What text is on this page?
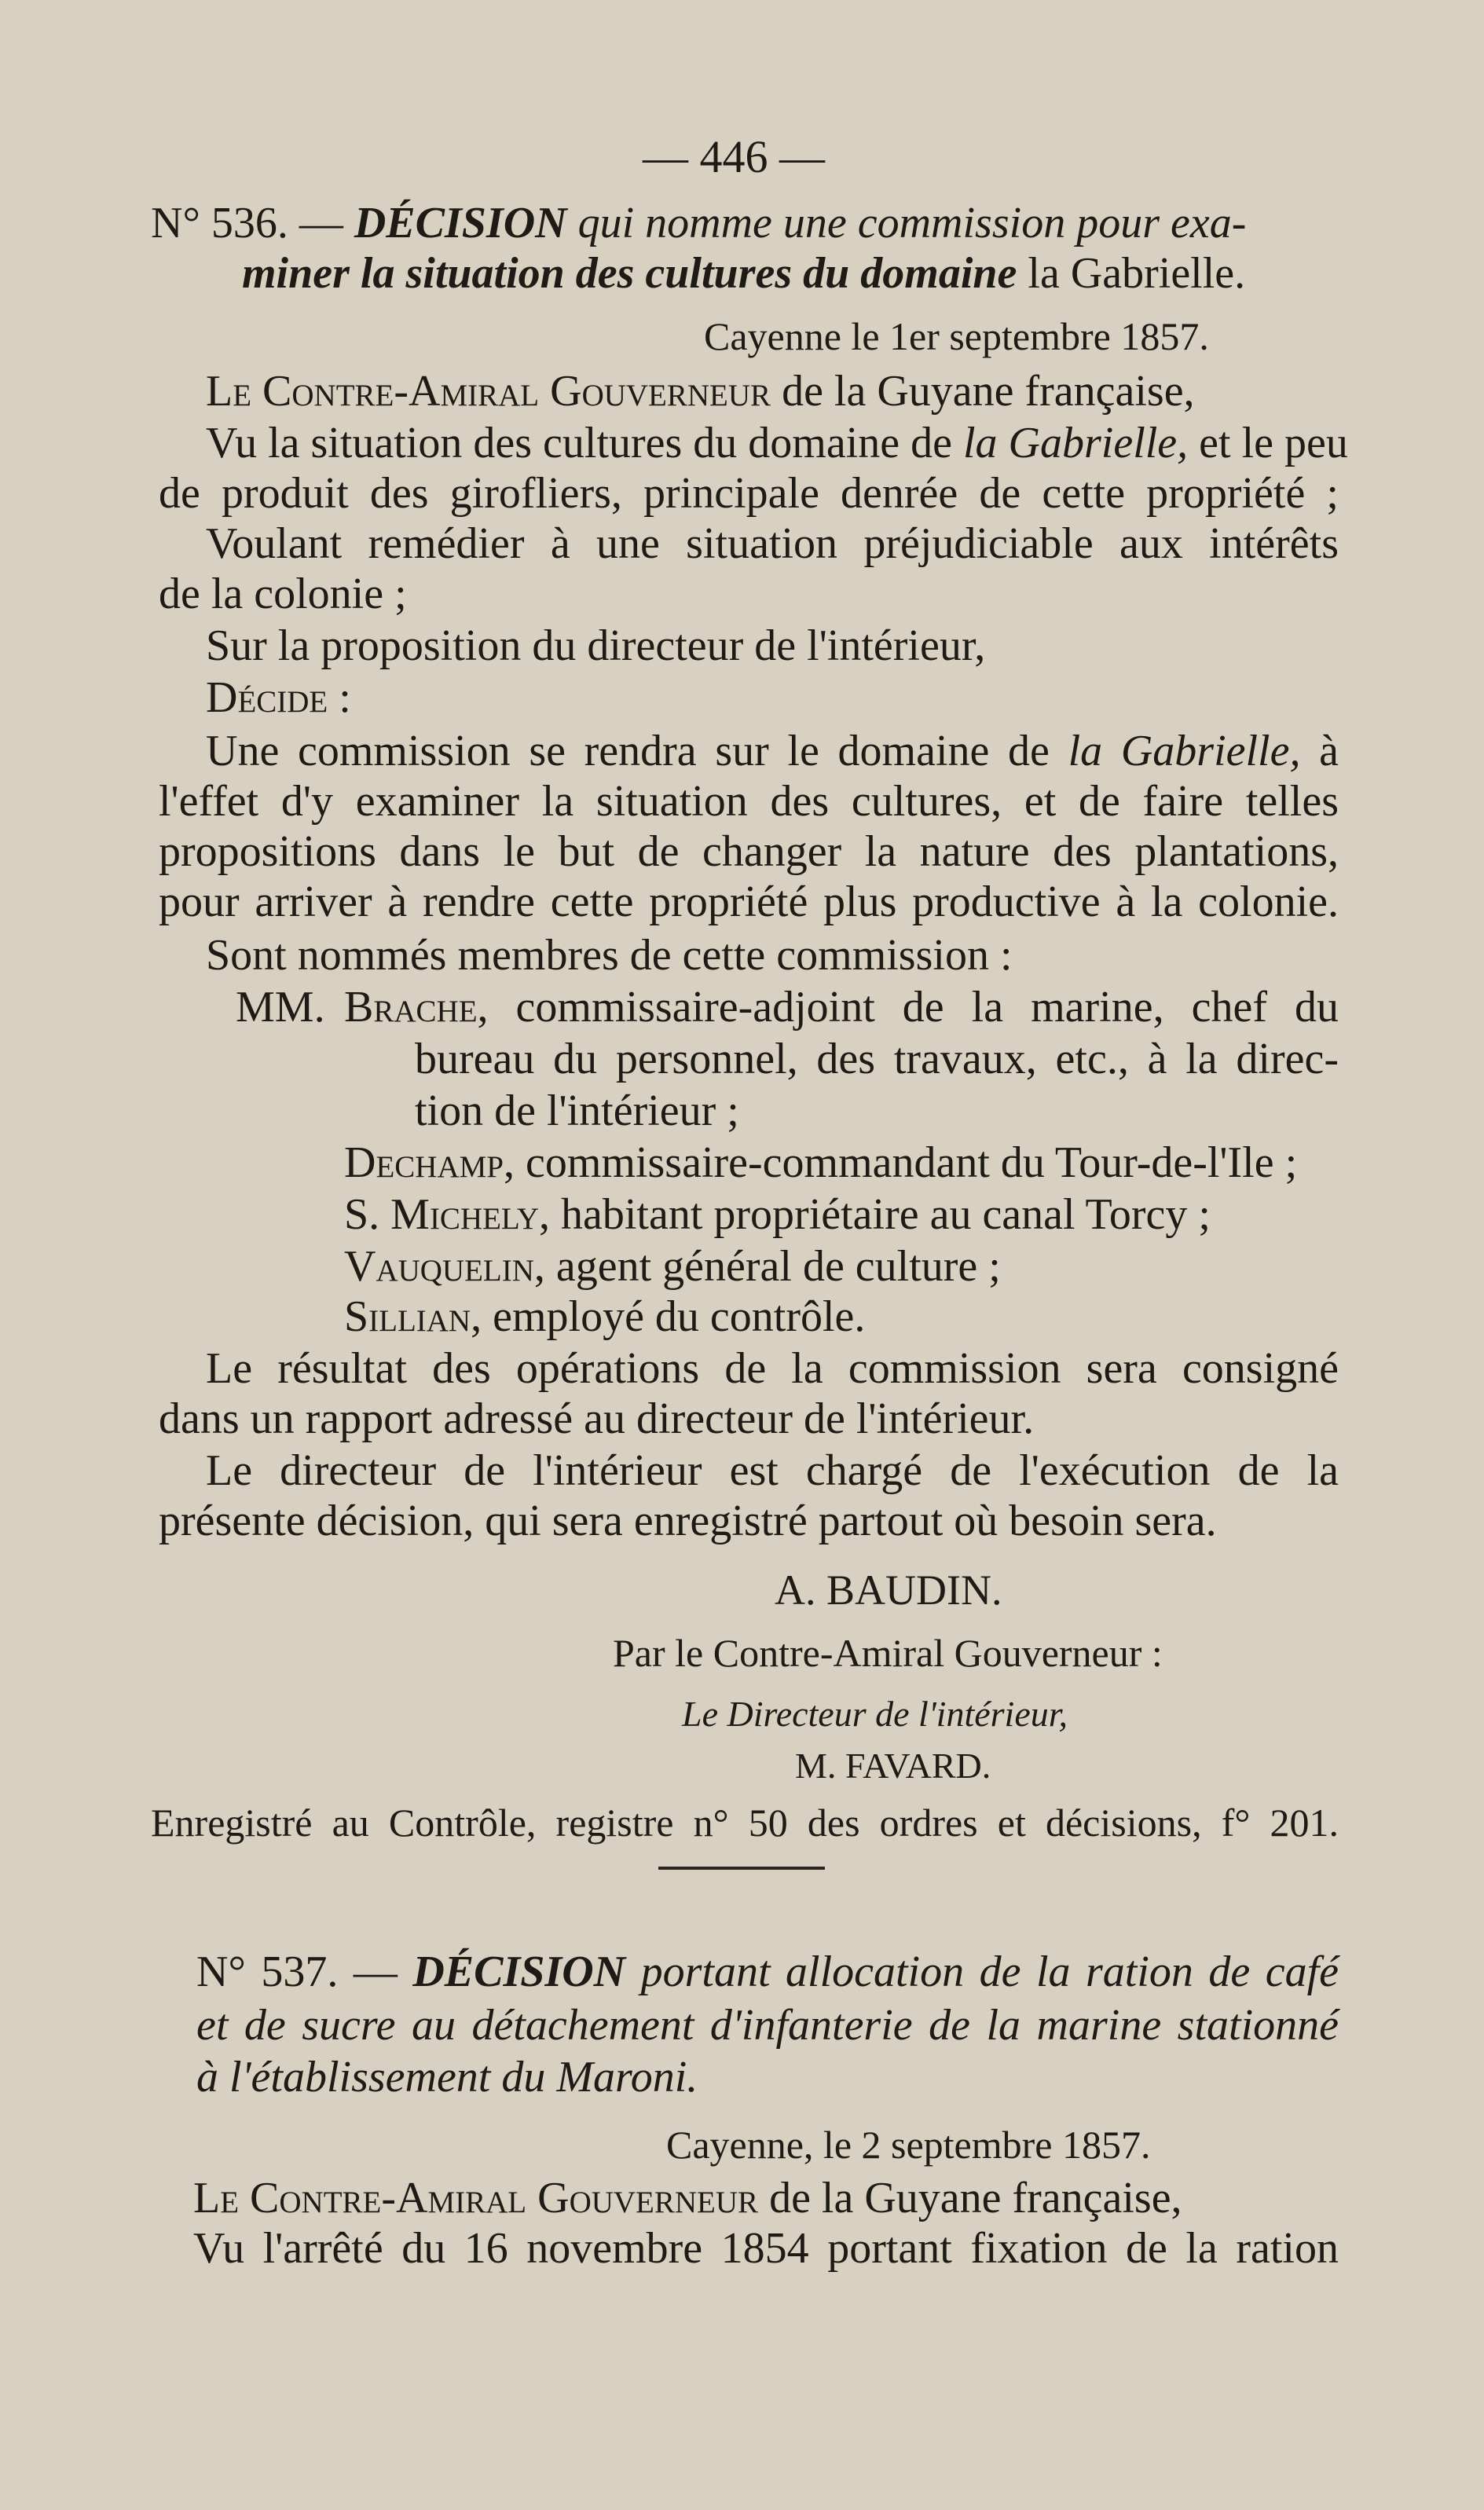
— 446 —
N° 536. — DÉCISION qui nomme une commission pour exa-
miner la situation des cultures du domaine la Gabrielle.
Cayenne le 1er septembre 1857.
Le Contre-Amiral Gouverneur de la Guyane française,
Vu la situation des cultures du domaine de la Gabrielle, et le peu
de produit des girofliers, principale denrée de cette propriété ;
Voulant remédier à une situation préjudiciable aux intérêts
de la colonie ;
Sur la proposition du directeur de l'intérieur,
Décide :
Une commission se rendra sur le domaine de la Gabrielle, à
l'effet d'y examiner la situation des cultures, et de faire telles
propositions dans le but de changer la nature des plantations,
pour arriver à rendre cette propriété plus productive à la colonie.
Sont nommés membres de cette commission :
MM. Brache, commissaire-adjoint de la marine, chef du
bureau du personnel, des travaux, etc., à la direc-
tion de l'intérieur ;
Dechamp, commissaire-commandant du Tour-de-l'Ile ;
S. Michely, habitant propriétaire au canal Torcy ;
Vauquelin, agent général de culture ;
Sillian, employé du contrôle.
Le résultat des opérations de la commission sera consigné
dans un rapport adressé au directeur de l'intérieur.
Le directeur de l'intérieur est chargé de l'exécution de la
présente décision, qui sera enregistré partout où besoin sera.
A. BAUDIN.
Par le Contre-Amiral Gouverneur :
Le Directeur de l'intérieur,
M. FAVARD.
Enregistré au Contrôle, registre n° 50 des ordres et décisions, f° 201.
N° 537. — DÉCISION portant allocation de la ration de café
et de sucre au détachement d'infanterie de la marine stationné
à l'établissement du Maroni.
Cayenne, le 2 septembre 1857.
Le Contre-Amiral Gouverneur de la Guyane française,
Vu l'arrêté du 16 novembre 1854 portant fixation de la ration
